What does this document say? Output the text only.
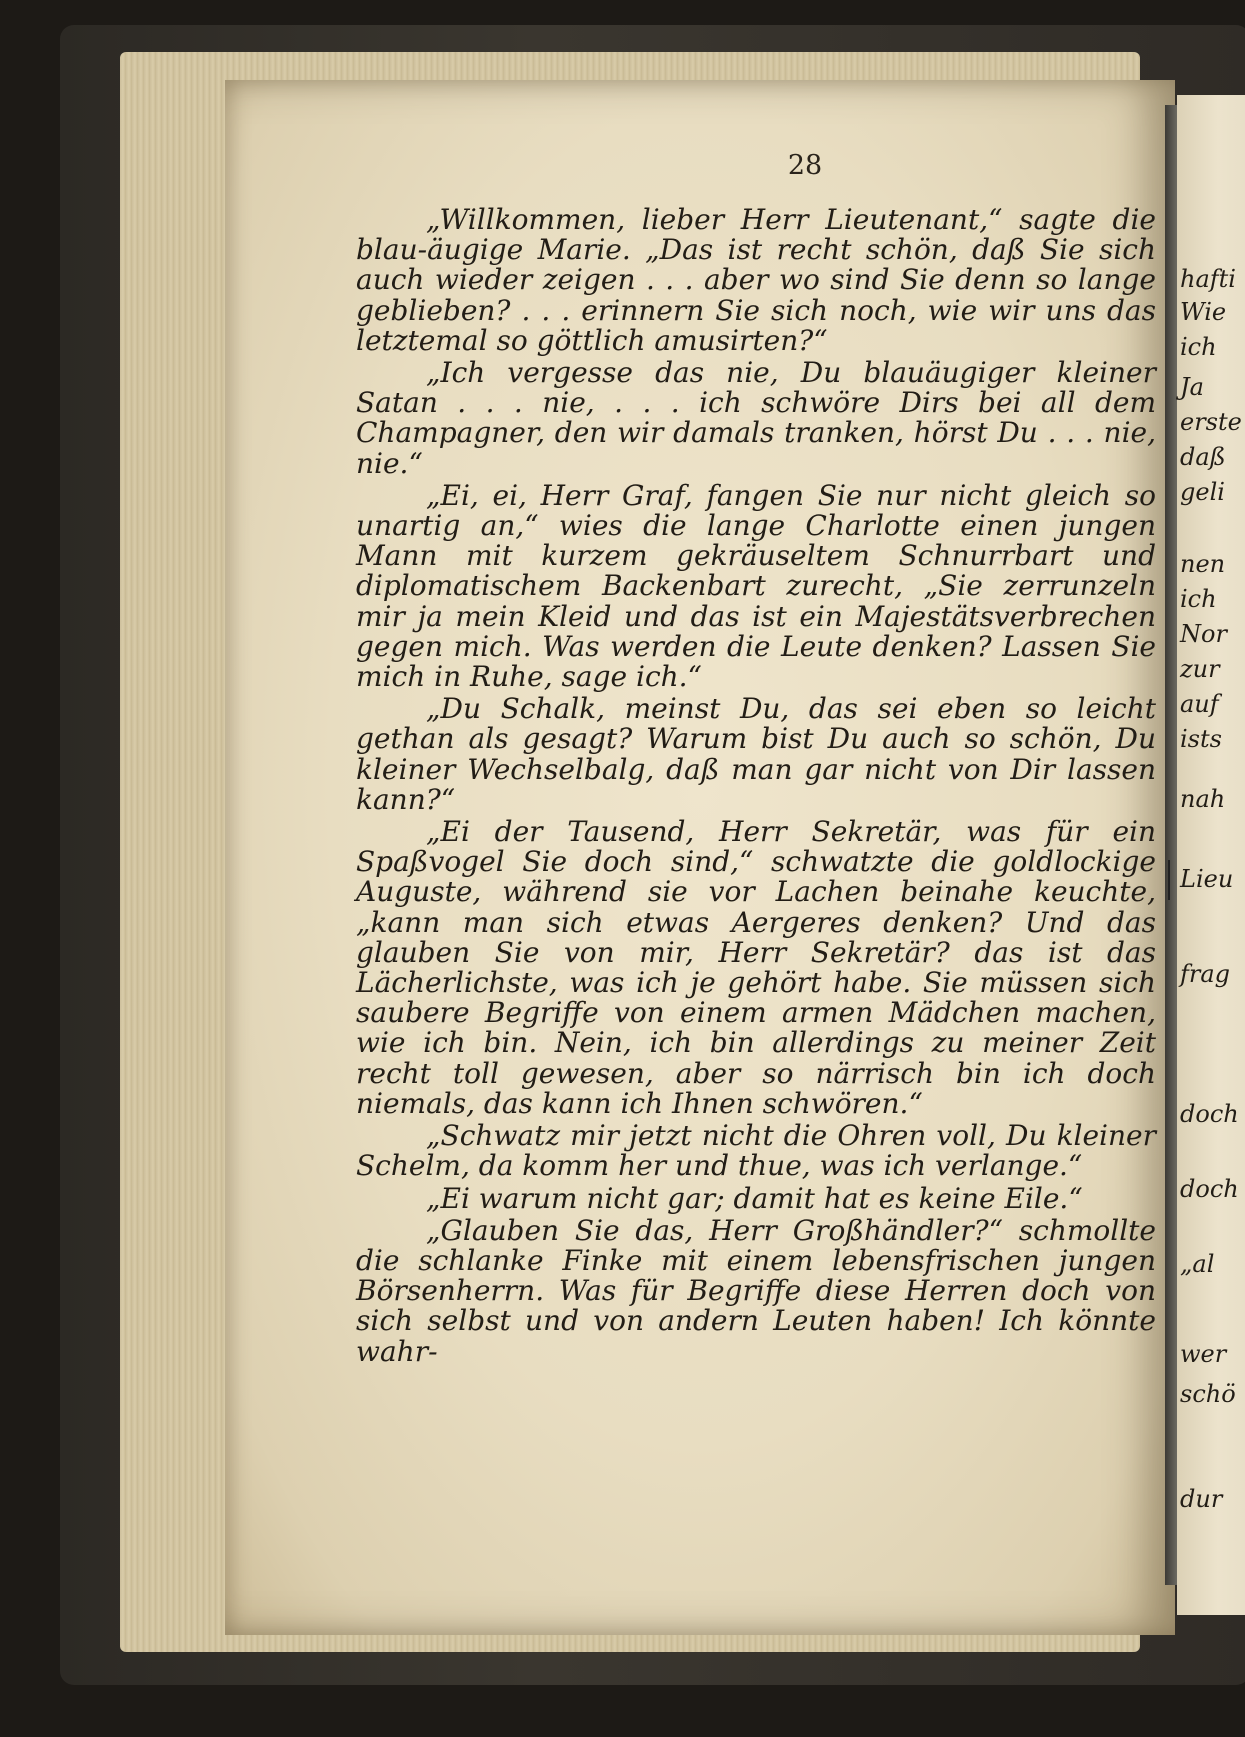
28

„Willkommen, lieber Herr Lieutenant,“ sagte die blau-äugige Marie. „Das ist recht schön, daß Sie sich auch wieder zeigen . . . aber wo sind Sie denn so lange geblieben? . . . erinnern Sie sich noch, wie wir uns das letztemal so göttlich amusirten?“

„Ich vergesse das nie, Du blauäugiger kleiner Satan . . . nie, . . . ich schwöre Dirs bei all dem Champagner, den wir damals tranken, hörst Du . . . nie, nie.“

„Ei, ei, Herr Graf, fangen Sie nur nicht gleich so unartig an,“ wies die lange Charlotte einen jungen Mann mit kurzem gekräuseltem Schnurrbart und diplomatischem Backenbart zurecht, „Sie zerrunzeln mir ja mein Kleid und das ist ein Majestätsverbrechen gegen mich. Was werden die Leute denken? Lassen Sie mich in Ruhe, sage ich.“

„Du Schalk, meinst Du, das sei eben so leicht gethan als gesagt? Warum bist Du auch so schön, Du kleiner Wechselbalg, daß man gar nicht von Dir lassen kann?“

„Ei der Tausend, Herr Sekretär, was für ein Spaßvogel Sie doch sind,“ schwatzte die goldlockige Auguste, während sie vor Lachen beinahe keuchte, „kann man sich etwas Aergeres denken? Und das glauben Sie von mir, Herr Sekretär? das ist das Lächerlichste, was ich je gehört habe. Sie müssen sich saubere Begriffe von einem armen Mädchen machen, wie ich bin. Nein, ich bin allerdings zu meiner Zeit recht toll gewesen, aber so närrisch bin ich doch niemals, das kann ich Ihnen schwören.“

„Schwatz mir jetzt nicht die Ohren voll, Du kleiner Schelm, da komm her und thue, was ich verlange.“

„Ei warum nicht gar; damit hat es keine Eile.“

„Glauben Sie das, Herr Großhändler?“ schmollte die schlanke Finke mit einem lebensfrischen jungen Börsenherrn. Was für Begriffe diese Herren doch von sich selbst und von andern Leuten haben! Ich könnte wahr-

hafti
Wie
ich
Ja
erste
daß
geli
nen
ich
Nor
zur
auf
ists
nah
Lieu
frag
doch
doch
„al
wer
schö
dur
